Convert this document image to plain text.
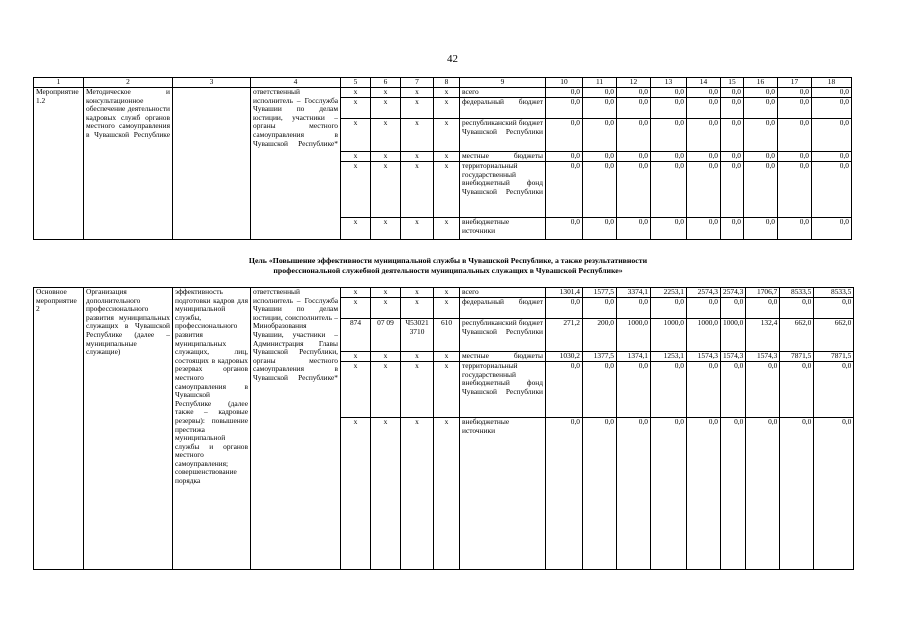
42
1	2	3	4	5	6	7	8	9	10	11	12	13	14	15	16	17	18
Мероприятие 1.2	Методическое и консультационное обеспечение деятельности кадровых служб органов местного самоуправления в Чувашской Республике		ответственный исполнитель – Госслужба Чувашии по делам юстиции, участники – органы местного самоуправления в Чувашской Республике*	x	x	x	x	всего	0,0	0,0	0,0	0,0	0,0	0,0	0,0	0,0	0,0
x	x	x	x	федеральный бюджет	0,0	0,0	0,0	0,0	0,0	0,0	0,0	0,0	0,0
x	x	x	x	республиканский бюджет Чувашской Республики	0,0	0,0	0,0	0,0	0,0	0,0	0,0	0,0	0,0
x	x	x	x	местные бюджеты	0,0	0,0	0,0	0,0	0,0	0,0	0,0	0,0	0,0
x	x	x	x	территориальный государственный внебюджетный фонд Чувашской Республики	0,0	0,0	0,0	0,0	0,0	0,0	0,0	0,0	0,0
x	x	x	x	внебюджетные источники	0,0	0,0	0,0	0,0	0,0	0,0	0,0	0,0	0,0
Цель «Повышение эффективности муниципальной службы в Чувашской Республике, а также результативности
профессиональной служебной деятельности муниципальных служащих в Чувашской Республике»
Основное мероприятие 2	Организация дополнительного профессионального развития муниципальных служащих в Чувашской Республике (далее – муниципальные служащие)	эффективность подготовки кадров для муниципальной службы, профессионального развития муниципальных служащих, лиц, состоящих в кадровых резервах органов местного самоуправления в Чувашской Республике (далее также – кадровые резервы): повышение престижа муниципальной службы и органов местного самоуправления; совершенствование порядка	ответственный исполнитель – Госслужба Чувашии по делам юстиции, соисполнитель – Минобразования Чувашии, участники – Администрация Главы Чувашской Республики, органы местного самоуправления в Чувашской Республике*	x	x	x	x	всего	1301,4	1577,5	3374,1	2253,1	2574,3	2574,3	1706,7	8533,5	8533,5
x	x	x	x	федеральный бюджет	0,0	0,0	0,0	0,0	0,0	0,0	0,0	0,0	0,0
874	07 09	Ч53021 3710	610	республиканский бюджет Чувашской Республики	271,2	200,0	1000,0	1000,0	1000,0	1000,0	132,4	662,0	662,0
x	x	x	x	местные бюджеты	1030,2	1377,5	1374,1	1253,1	1574,3	1574,3	1574,3	7871,5	7871,5
x	x	x	x	территориальный государственный внебюджетный фонд Чувашской Республики	0,0	0,0	0,0	0,0	0,0	0,0	0,0	0,0	0,0
x	x	x	x	внебюджетные источники	0,0	0,0	0,0	0,0	0,0	0,0	0,0	0,0	0,0
